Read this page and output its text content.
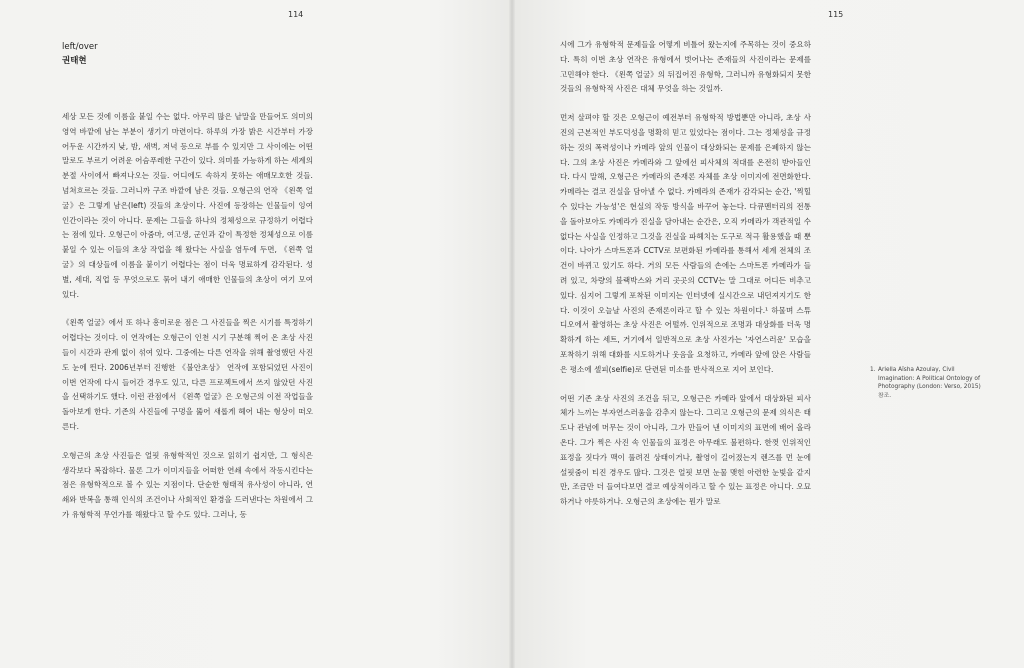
114
left/over
권태현

세상 모든 것에 이름을 붙일 수는 없다. 아무리 많은 낱말을 만들어도 의미의 영역 바깥에 남는 부분이 생기기 마련이다. 하루의 가장 밝은 시간부터 가장 어두운 시간까지 낮, 밤, 새벽, 저녁 등으로 부를 수 있지만 그 사이에는 어떤 말로도 부르기 어려운 어슴푸레한 구간이 있다. 의미를 가능하게 하는 세계의 분절 사이에서 빠져나오는 것들. 어디에도 속하지 못하는 애매모호한 것들. 넘쳐흐르는 것들. 그러니까 구조 바깥에 남은 것들. 오형근의 연작 《왼쪽 얼굴》은 그렇게 남은(left) 것들의 초상이다. 사진에 등장하는 인물들이 잉여 인간이라는 것이 아니다. 문제는 그들을 하나의 정체성으로 규정하기 어렵다는 점에 있다. 오형근이 아줌마, 여고생, 군인과 같이 특정한 정체성으로 이름 붙일 수 있는 이들의 초상 작업을 해 왔다는 사실을 염두에 두면, 《왼쪽 얼굴》의 대상들에 이름을 붙이기 어렵다는 점이 더욱 명료하게 감각된다. 성별, 세대, 직업 등 무엇으로도 묶어 내기 애매한 인물들의 초상이 여기 모여 있다.

《왼쪽 얼굴》에서 또 하나 흥미로운 점은 그 사진들을 찍은 시기를 특정하기 어렵다는 것이다. 이 연작에는 오형근이 인천 시기 구분해 찍어 온 초상 사진들이 시간과 관계 없이 섞여 있다. 그중에는 다른 연작을 위해 촬영했던 사진도 눈에 띈다. 2006년부터 진행한 《불안초상》 연작에 포함되었던 사진이 이번 연작에 다시 들어간 경우도 있고, 다른 프로젝트에서 쓰지 않았던 사진을 선택하기도 했다. 이런 관점에서 《왼쪽 얼굴》은 오형근의 이전 작업들을 돌아보게 한다. 기존의 사진들에 구멍을 뚫어 새롭게 헤어 내는 형상이 떠오른다.

오형근의 초상 사진들은 얼핏 유형학적인 것으로 읽히기 쉽지만, 그 형식은 생각보다 복잡하다. 물론 그가 이미지들을 어떠한 연쇄 속에서 작동시킨다는 점은 유형학적으로 볼 수 있는 지점이다. 단순한 형태적 유사성이 아니라, 연쇄와 반복을 통해 인식의 조건이나 사회적인 환경을 드러낸다는 차원에서 그가 유형학적 무언가를 해왔다고 할 수도 있다. 그러나, 동

115

시에 그가 유형학적 문제들을 어떻게 비틀어 왔는지에 주목하는 것이 중요하다. 특히 이번 초상 연작은 유형에서 벗어나는 존재들의 사진이라는 문제를 고민해야 한다. 《왼쪽 얼굴》의 뒤집어진 유형학, 그러니까 유형화되지 못한 것들의 유형학적 사진은 대체 무엇을 하는 것일까.

먼저 살펴야 할 것은 오형근이 예전부터 유형학적 방법뿐만 아니라, 초상 사진의 근본적인 부도덕성을 명확히 믿고 있었다는 점이다. 그는 정체성을 규정하는 것의 폭력성이나 카메라 앞의 인물이 대상화되는 문제를 은폐하지 않는다. 그의 초상 사진은 카메라와 그 앞에선 피사체의 적대를 온전히 받아들인다. 다시 말해, 오형근은 카메라의 존재론 자체를 초상 이미지에 전면화한다. 카메라는 결코 진실을 담아낼 수 없다. 카메라의 존재가 감각되는 순간, '찍힐 수 있다는 가능성'은 현실의 작동 방식을 바꾸어 놓는다. 다큐멘터리의 전통을 돌아보아도 카메라가 진실을 담아내는 순간은, 오직 카메라가 객관적일 수 없다는 사실을 인정하고 그것을 진실을 파헤치는 도구로 적극 활용했을 때 뿐이다. 나아가 스마트폰과 CCTV로 보편화된 카메라를 통해서 세계 전체의 조건이 바뀌고 있기도 하다. 거의 모든 사람들의 손에는 스마트폰 카메라가 들려 있고, 차량의 블랙박스와 거리 곳곳의 CCTV는 말 그대로 어디든 비추고 있다. 심지어 그렇게 포착된 이미지는 인터넷에 실시간으로 내던져지기도 한다. 이것이 오늘날 사진의 존재론이라고 할 수 있는 차원이다.¹ 하물며 스튜디오에서 촬영하는 초상 사진은 어떨까. 인위적으로 조명과 대상화를 더욱 명확하게 하는 세트, 거기에서 일반적으로 초상 사진가는 '자연스러운' 모습을 포착하기 위해 대화를 시도하거나 웃음을 요청하고, 카메라 앞에 앉은 사람들은 평소에 셀피(selfie)로 단련된 미소를 반사적으로 지어 보인다.

어떤 기존 초상 사진의 조건을 뒤고, 오형근은 카메라 앞에서 대상화된 피사체가 느끼는 부자연스러움을 감추지 않는다. 그리고 오형근의 문제 의식은 태도나 관념에 머무는 것이 아니라, 그가 만들어 낸 이미지의 표면에 배어 올라온다. 그가 찍은 사진 속 인물들의 표정은 아무래도 불편하다. 한껏 인위적인 표정을 짓다가 맥이 풀려진 상태이거나, 촬영이 길어졌는지 렌즈를 먼 눈에 설핏줌이 티진 경우도 많다. 그것은 얼핏 보면 눈물 맺힌 아련한 눈빛을 같지만, 조금만 더 들여다보면 결코 예상적이라고 할 수 있는 표정은 아니다. 오묘하거나 야릇하거나. 오형근의 초상에는 뭔가 말로

1. Ariella Aïsha Azoulay, Civil Imagination: A Political Ontology of Photography (London: Verso, 2015) 참조.
